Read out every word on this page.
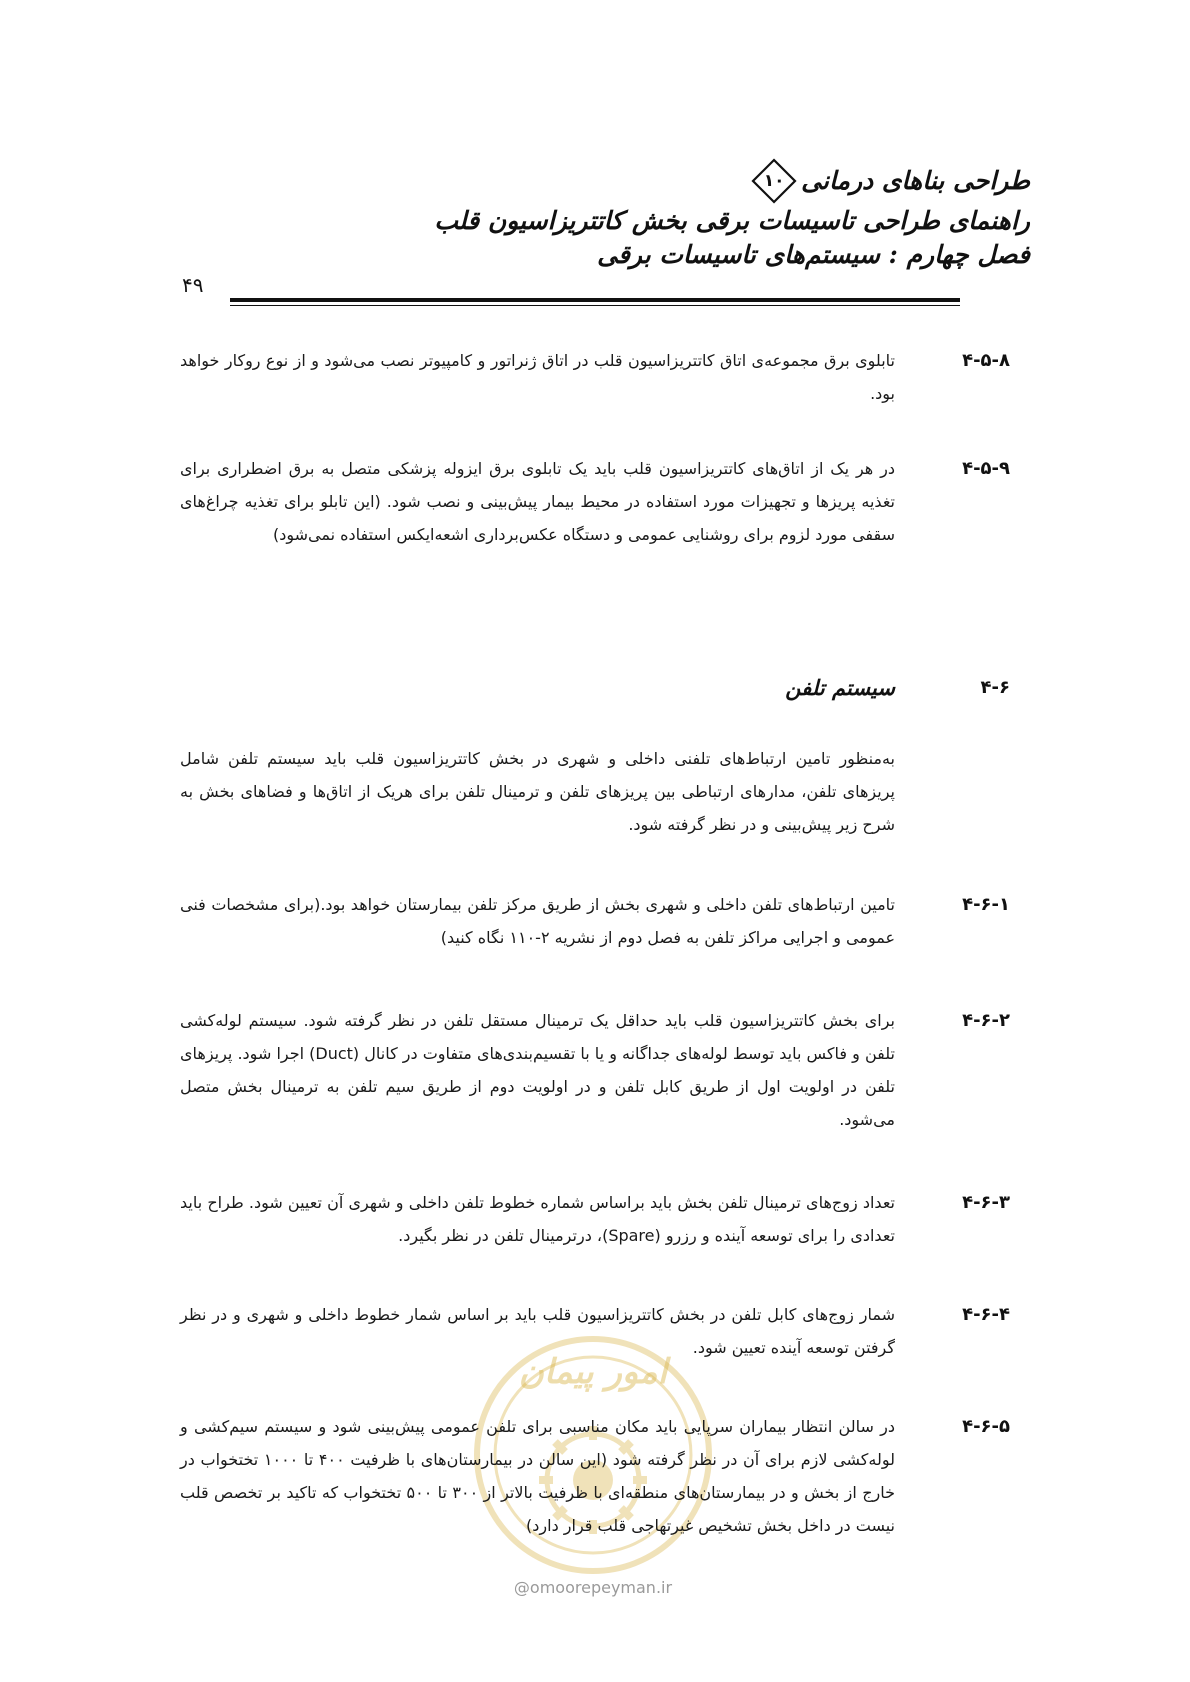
طراحی بناهای درمانی
۱۰
راهنمای طراحی تاسیسات برقی بخش کاتتریزاسیون قلب
فصل چهارم : سیستم‌های تاسیسات برقی
۴۹
۴-۵-۸
تابلوی برق مجموعه‌ی اتاق کاتتریزاسیون قلب در اتاق ژنراتور و کامپیوتر نصب می‌شود و از نوع روکار خواهد بود.
۴-۵-۹
در هر یک از اتاق‌های کاتتریزاسیون قلب باید یک تابلوی برق ایزوله پزشکی متصل به برق اضطراری برای تغذیه پریزها و تجهیزات مورد استفاده در محیط بیمار پیش‌بینی و نصب شود. (این تابلو برای تغذیه چراغ‌های سقفی مورد لزوم برای روشنایی عمومی و دستگاه عکس‌برداری اشعه‌ایکس استفاده نمی‌شود)
۴-۶
سیستم تلفن
به‌منظور تامین ارتباط‌های تلفنی داخلی و شهری در بخش کاتتریزاسیون قلب باید سیستم تلفن شامل پریزهای تلفن، مدارهای ارتباطی بین پریزهای تلفن و ترمینال تلفن برای هریک از اتاق‌ها و فضاهای بخش به شرح زیر پیش‌بینی و در نظر گرفته شود.
۴-۶-۱
تامین ارتباط‌های تلفن داخلی و شهری بخش از طریق مرکز تلفن بیمارستان خواهد بود.(برای مشخصات فنی عمومی و اجرایی مراکز تلفن به فصل دوم از نشریه ۲-۱۱۰ نگاه کنید)
۴-۶-۲
برای بخش کاتتریزاسیون قلب باید حداقل یک ترمینال مستقل تلفن در نظر گرفته شود. سیستم لوله‌کشی تلفن و فاکس باید توسط لوله‌های جداگانه و یا با تقسیم‌بندی‌های متفاوت در کانال (Duct) اجرا شود. پریزهای تلفن در اولویت اول از طریق کابل تلفن و در اولویت دوم از طریق سیم تلفن به ترمینال بخش متصل می‌شود.
۴-۶-۳
تعداد زوج‌های ترمینال تلفن بخش باید براساس شماره خطوط تلفن داخلی و شهری آن تعیین شود. طراح باید تعدادی را برای توسعه آینده و رزرو (Spare)، درترمینال تلفن در نظر بگیرد.
۴-۶-۴
شمار زوج‌های کابل تلفن در بخش کاتتریزاسیون قلب باید بر اساس شمار خطوط داخلی و شهری و در نظر گرفتن توسعه آینده تعیین شود.
امور پیمان
@omoorepeyman.ir
۴-۶-۵
در سالن انتظار بیماران سرپایی باید مکان مناسبی برای تلفن عمومی پیش‌بینی شود و سیستم سیم‌کشی و لوله‌کشی لازم برای آن در نظر گرفته شود (این سالن در بیمارستان‌های با ظرفیت ۴۰۰ تا ۱۰۰۰ تختخواب در خارج از بخش و در بیمارستان‌های منطقه‌ای با ظرفیت بالاتر از ۳۰۰ تا ۵۰۰ تختخواب که تاکید بر تخصص قلب نیست در داخل بخش تشخیص غیرتهاجی قلب قرار دارد)
